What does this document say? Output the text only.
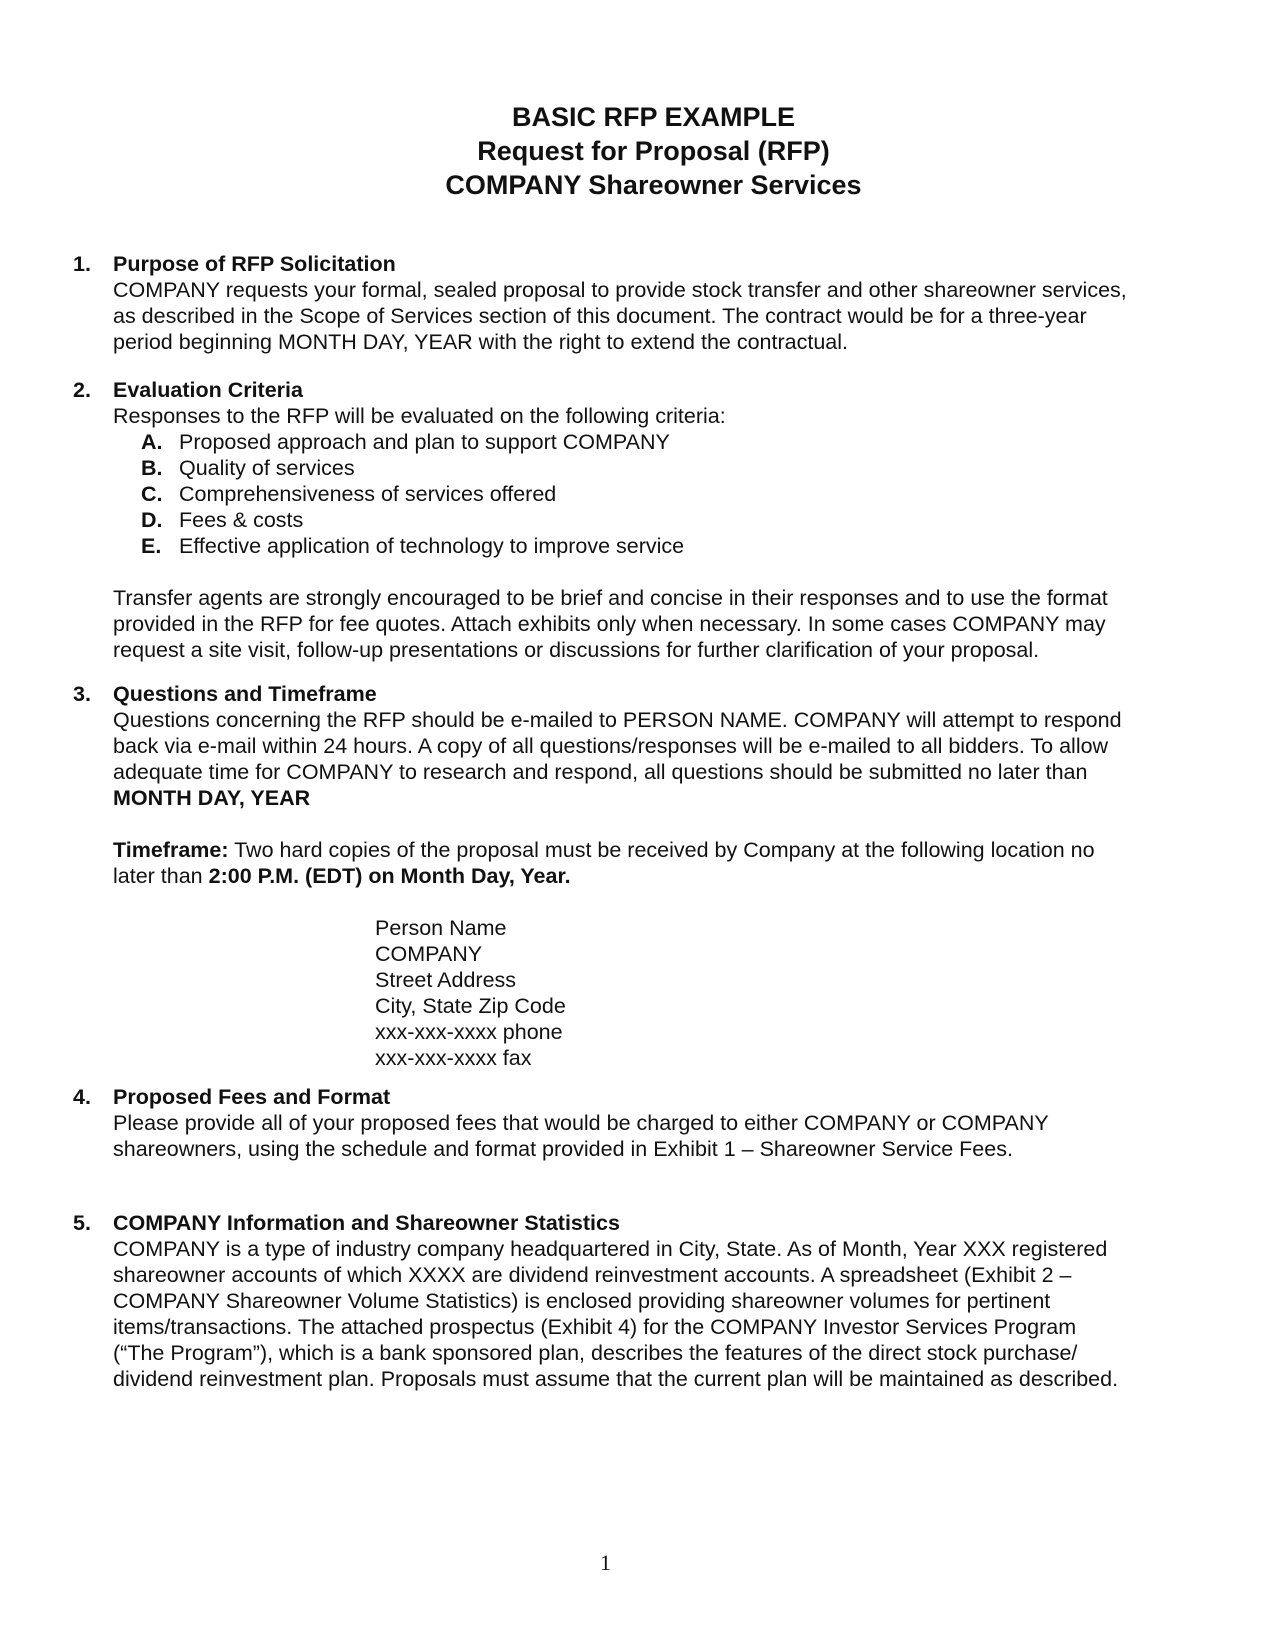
BASIC RFP EXAMPLE
Request for Proposal (RFP)
COMPANY Shareowner Services
1. Purpose of RFP Solicitation
COMPANY requests your formal, sealed proposal to provide stock transfer and other shareowner services,
as described in the Scope of Services section of this document. The contract would be for a three-year
period beginning MONTH DAY, YEAR with the right to extend the contractual.
2. Evaluation Criteria
Responses to the RFP will be evaluated on the following criteria:
A. Proposed approach and plan to support COMPANY
B. Quality of services
C. Comprehensiveness of services offered
D. Fees & costs
E. Effective application of technology to improve service
Transfer agents are strongly encouraged to be brief and concise in their responses and to use the format
provided in the RFP for fee quotes. Attach exhibits only when necessary. In some cases COMPANY may
request a site visit, follow-up presentations or discussions for further clarification of your proposal.
3. Questions and Timeframe
Questions concerning the RFP should be e-mailed to PERSON NAME. COMPANY will attempt to respond
back via e-mail within 24 hours. A copy of all questions/responses will be e-mailed to all bidders. To allow
adequate time for COMPANY to research and respond, all questions should be submitted no later than
MONTH DAY, YEAR
Timeframe: Two hard copies of the proposal must be received by Company at the following location no
later than 2:00 P.M. (EDT) on Month Day, Year.
Person Name
COMPANY
Street Address
City, State Zip Code
xxx-xxx-xxxx phone
xxx-xxx-xxxx fax
4. Proposed Fees and Format
Please provide all of your proposed fees that would be charged to either COMPANY or COMPANY
shareowners, using the schedule and format provided in Exhibit 1 – Shareowner Service Fees.
5. COMPANY Information and Shareowner Statistics
COMPANY is a type of industry company headquartered in City, State. As of Month, Year XXX registered
shareowner accounts of which XXXX are dividend reinvestment accounts. A spreadsheet (Exhibit 2 –
COMPANY Shareowner Volume Statistics) is enclosed providing shareowner volumes for pertinent
items/transactions. The attached prospectus (Exhibit 4) for the COMPANY Investor Services Program
(“The Program”), which is a bank sponsored plan, describes the features of the direct stock purchase/
dividend reinvestment plan. Proposals must assume that the current plan will be maintained as described.
1
